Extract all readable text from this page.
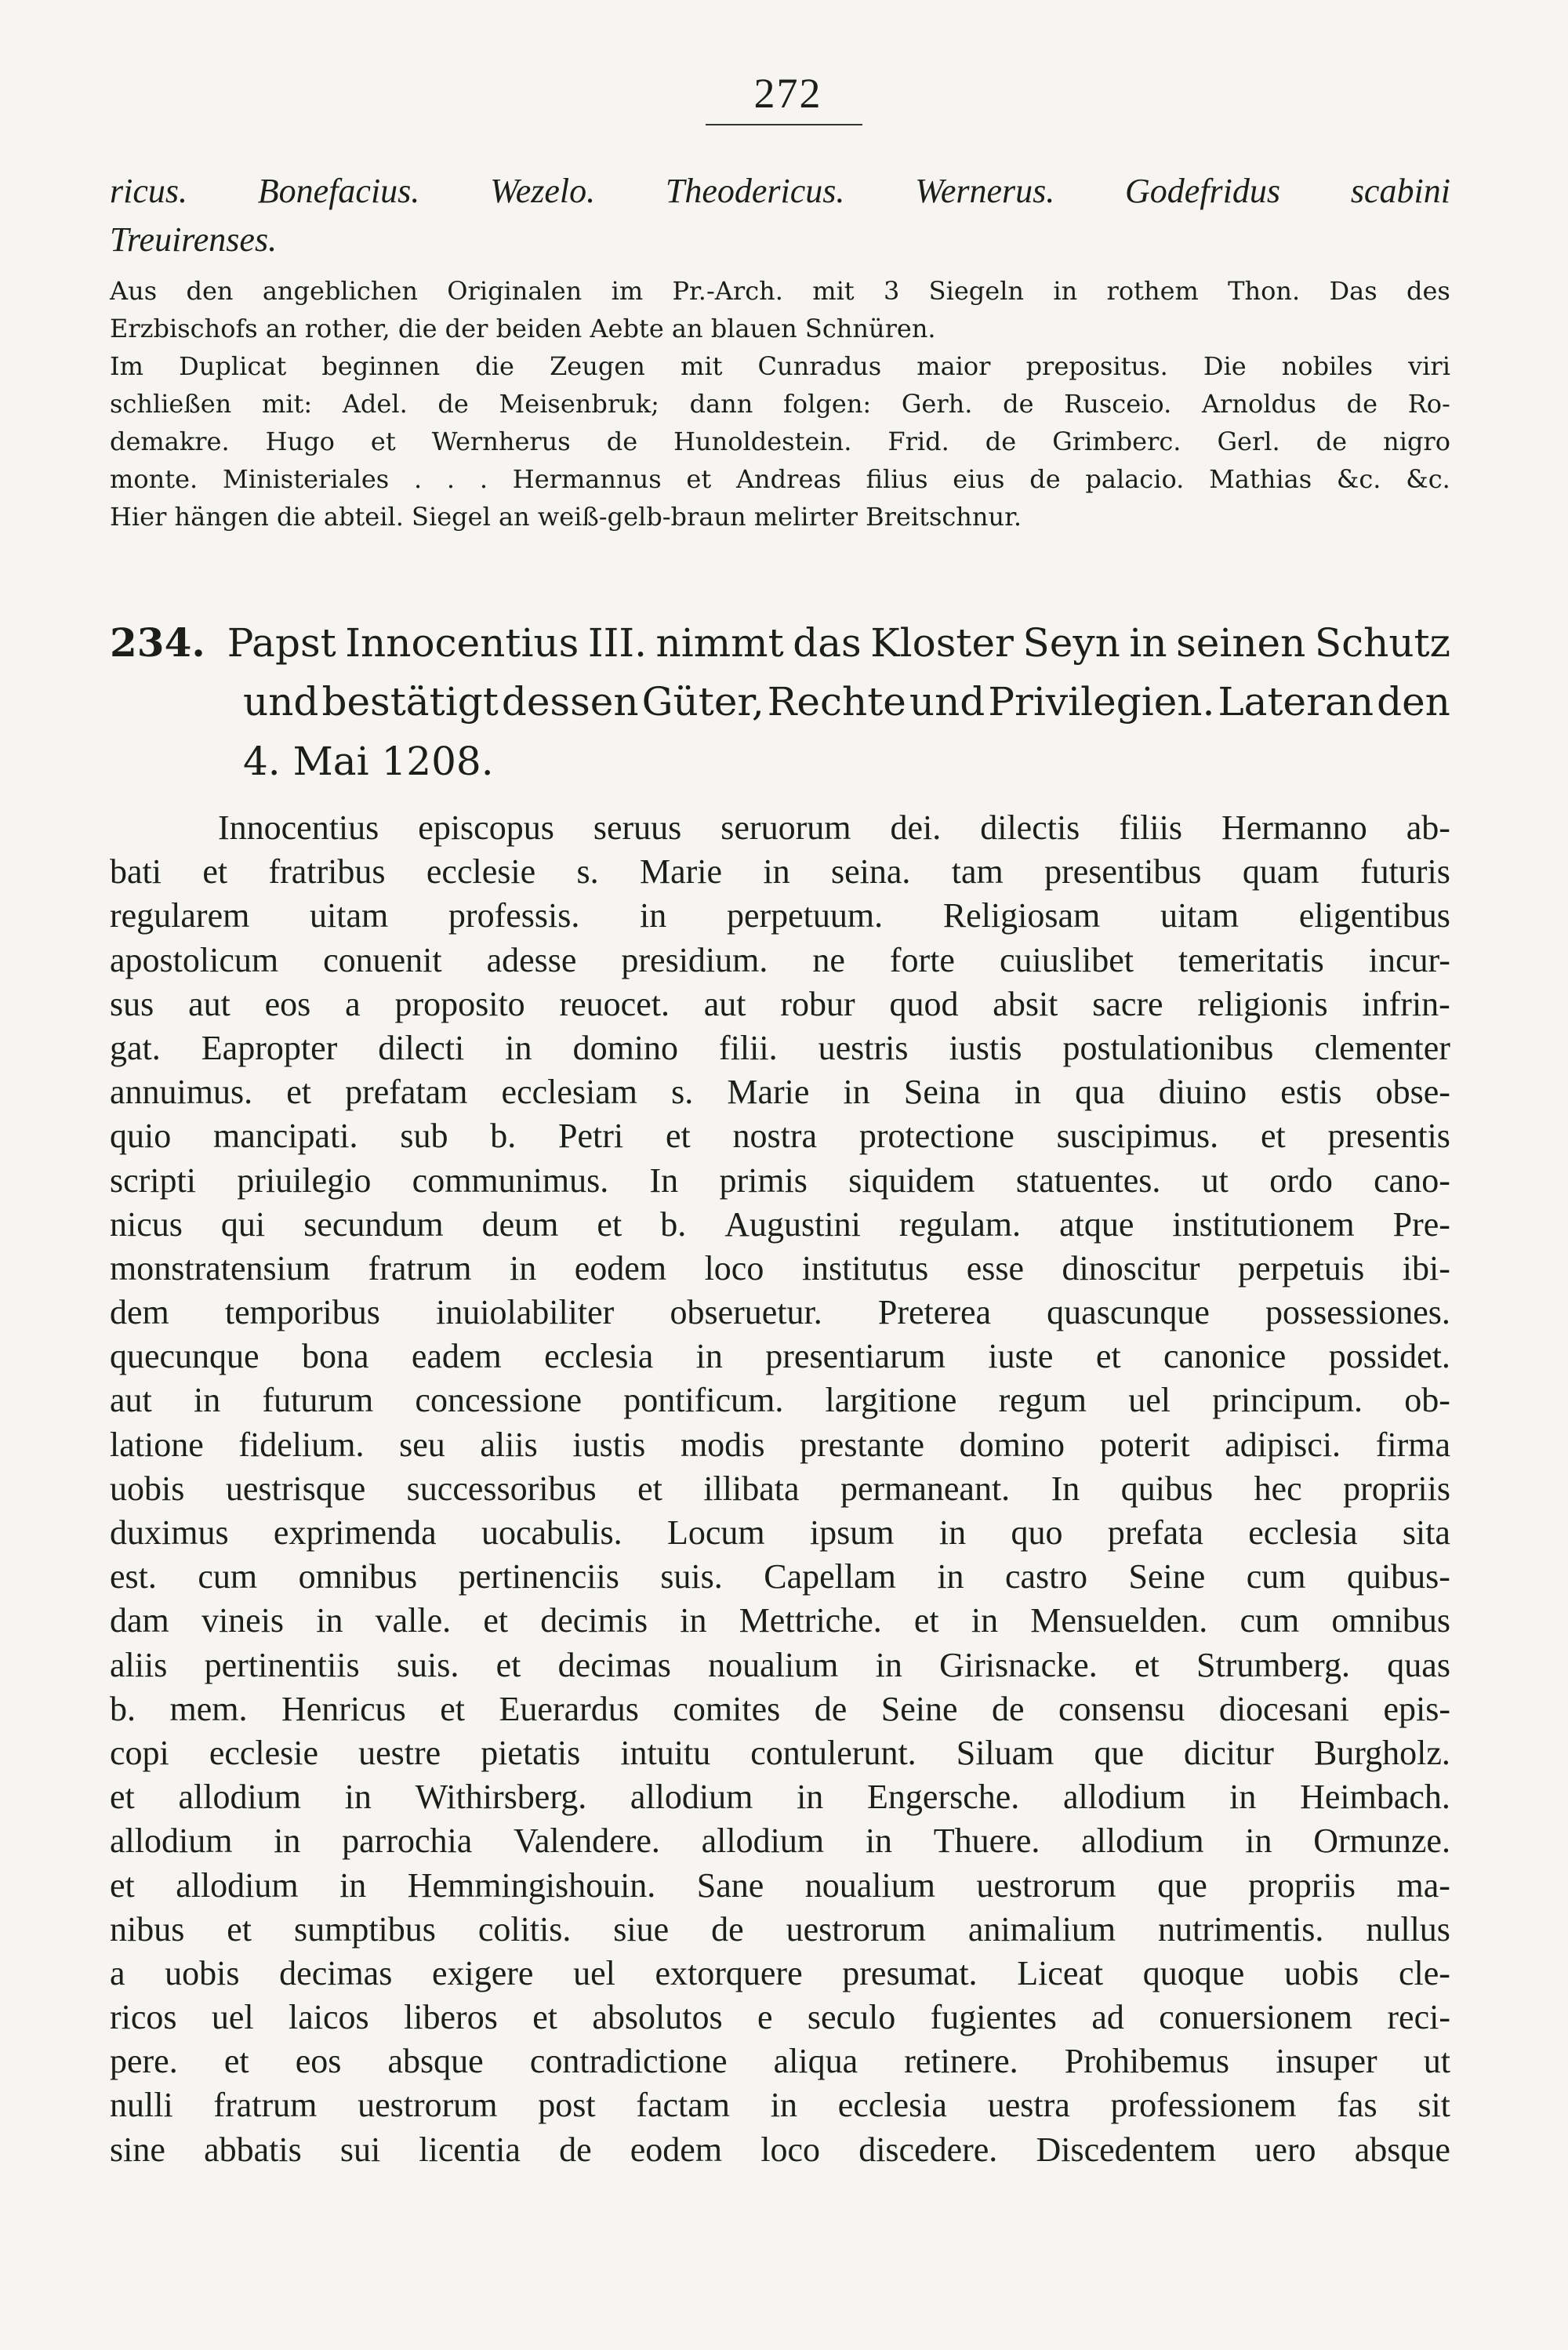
272
ricus. Bonefacius. Wezelo. Theodericus. Wernerus. Godefridus scabini
Treuirenses.
Aus den angeblichen Originalen im Pr.-Arch. mit 3 Siegeln in rothem Thon. Das des
Erzbischofs an rother, die der beiden Aebte an blauen Schnüren.
Im Duplicat beginnen die Zeugen mit Cunradus maior prepositus. Die nobiles viri
schließen mit: Adel. de Meisenbruk; dann folgen: Gerh. de Rusceio. Arnoldus de Ro-
demakre. Hugo et Wernherus de Hunoldestein. Frid. de Grimberc. Gerl. de nigro
monte. Ministeriales . . . Hermannus et Andreas filius eius de palacio. Mathias &c. &c.
Hier hängen die abteil. Siegel an weiß-gelb-braun melirter Breitschnur.
234. Papst Innocentius III. nimmt das Kloster Seyn in seinen Schutz
und bestätigt dessen Güter, Rechte und Privilegien. Lateran den
4. Mai 1208.
Innocentius episcopus seruus seruorum dei. dilectis filiis Hermanno ab-
bati et fratribus ecclesie s. Marie in seina. tam presentibus quam futuris
regularem uitam professis. in perpetuum. Religiosam uitam eligentibus
apostolicum conuenit adesse presidium. ne forte cuiuslibet temeritatis incur-
sus aut eos a proposito reuocet. aut robur quod absit sacre religionis infrin-
gat. Eapropter dilecti in domino filii. uestris iustis postulationibus clementer
annuimus. et prefatam ecclesiam s. Marie in Seina in qua diuino estis obse-
quio mancipati. sub b. Petri et nostra protectione suscipimus. et presentis
scripti priuilegio communimus. In primis siquidem statuentes. ut ordo cano-
nicus qui secundum deum et b. Augustini regulam. atque institutionem Pre-
monstratensium fratrum in eodem loco institutus esse dinoscitur perpetuis ibi-
dem temporibus inuiolabiliter obseruetur. Preterea quascunque possessiones.
quecunque bona eadem ecclesia in presentiarum iuste et canonice possidet.
aut in futurum concessione pontificum. largitione regum uel principum. ob-
latione fidelium. seu aliis iustis modis prestante domino poterit adipisci. firma
uobis uestrisque successoribus et illibata permaneant. In quibus hec propriis
duximus exprimenda uocabulis. Locum ipsum in quo prefata ecclesia sita
est. cum omnibus pertinenciis suis. Capellam in castro Seine cum quibus-
dam vineis in valle. et decimis in Mettriche. et in Mensuelden. cum omnibus
aliis pertinentiis suis. et decimas noualium in Girisnacke. et Strumberg. quas
b. mem. Henricus et Euerardus comites de Seine de consensu diocesani epis-
copi ecclesie uestre pietatis intuitu contulerunt. Siluam que dicitur Burgholz.
et allodium in Withirsberg. allodium in Engersche. allodium in Heimbach.
allodium in parrochia Valendere. allodium in Thuere. allodium in Ormunze.
et allodium in Hemmingishouin. Sane noualium uestrorum que propriis ma-
nibus et sumptibus colitis. siue de uestrorum animalium nutrimentis. nullus
a uobis decimas exigere uel extorquere presumat. Liceat quoque uobis cle-
ricos uel laicos liberos et absolutos e seculo fugientes ad conuersionem reci-
pere. et eos absque contradictione aliqua retinere. Prohibemus insuper ut
nulli fratrum uestrorum post factam in ecclesia uestra professionem fas sit
sine abbatis sui licentia de eodem loco discedere. Discedentem uero absque
